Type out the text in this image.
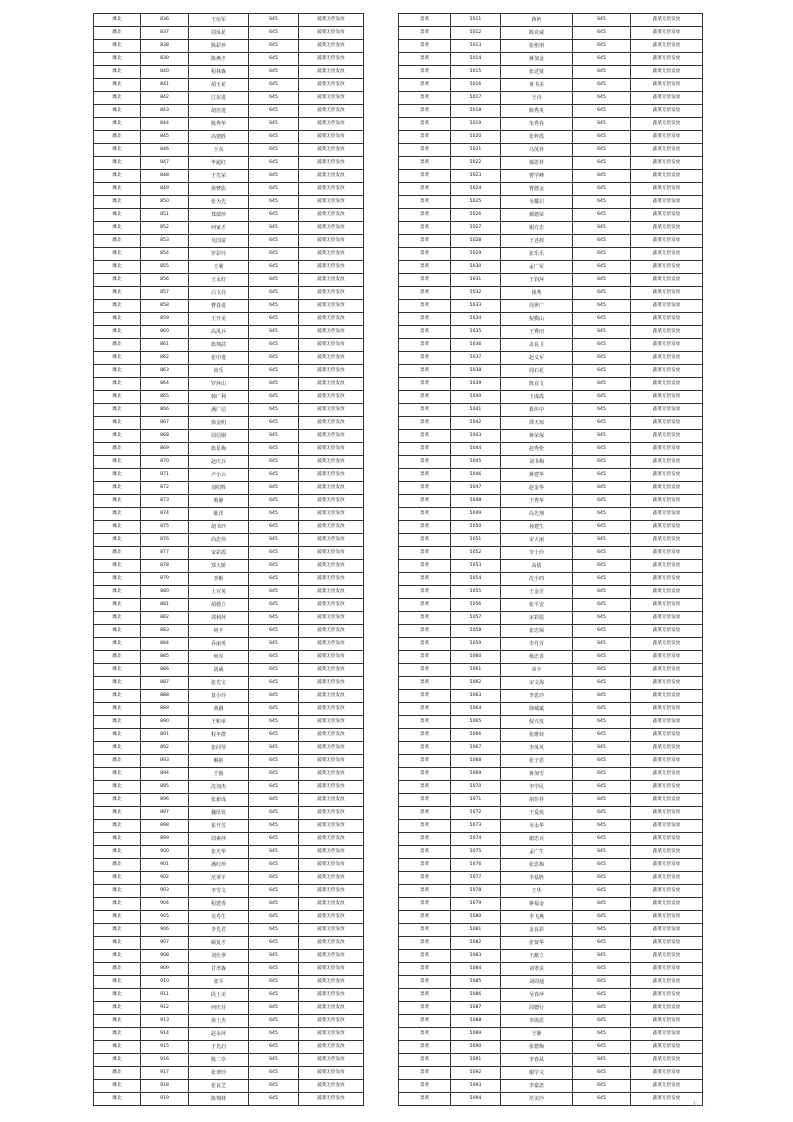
潍北	836	王衍军	645	蔬菜无偿发放
潍北	837	周凤花	645	蔬菜无偿发放
潍北	838	陈彩珍	645	蔬菜无偿发放
潍北	839	陈燕才	645	蔬菜无偿发放
潍北	840	程林森	645	蔬菜无偿发放
潍北	841	胡玉花	645	蔬菜无偿发放
潍北	842	江东进	645	蔬菜无偿发放
潍北	843	胡佳进	645	蔬菜无偿发放
潍北	844	陈秀华	645	蔬菜无偿发放
潍北	845	高建胜	645	蔬菜无偿发放
潍北	846	王东	645	蔬菜无偿发放
潍北	847	毕超红	645	蔬菜无偿发放
潍北	848	于先荣	645	蔬菜无偿发放
潍北	849	徐梦影	645	蔬菜无偿发放
潍北	850	张为先	645	蔬菜无偿发放
潍北	851	郑瑞珍	645	蔬菜无偿发放
潍北	852	何家才	645	蔬菜无偿发放
潍北	853	吴国富	645	蔬菜无偿发放
潍北	854	罗彩玲	645	蔬菜无偿发放
潍北	855	王利	645	蔬菜无偿发放
潍北	856	王永好	645	蔬菜无偿发放
潍北	857	白文亮	645	蔬菜无偿发放
潍北	858	曹春进	645	蔬菜无偿发放
潍北	859	王开美	645	蔬菜无偿发放
潍北	860	高凤兵	645	蔬菜无偿发放
潍北	861	陈翔武	645	蔬菜无偿发放
潍北	862	张中进	645	蔬菜无偿发放
潍北	863	尚乐	645	蔬菜无偿发放
潍北	864	罗萍山	645	蔬菜无偿发放
潍北	865	韩广利	645	蔬菜无偿发放
潍北	866	潘广信	645	蔬菜无偿发放
潍北	867	徐金明	645	蔬菜无偿发放
潍北	868	周信刚	645	蔬菜无偿发放
潍北	869	陈星梅	645	蔬菜无偿发放
潍北	870	赵庆兵	645	蔬菜无偿发放
潍北	871	卢小云	645	蔬菜无偿发放
潍北	872	刘绍辉	645	蔬菜无偿发放
潍北	873	蔡静	645	蔬菜无偿发放
潍北	874	陈洋	645	蔬菜无偿发放
潍北	875	胡书玲	645	蔬菜无偿发放
潍北	876	尚忠伟	645	蔬菜无偿发放
潍北	877	宋彩霞	645	蔬菜无偿发放
潍北	878	郑大娇	645	蔬菜无偿发放
潍北	879	李彬	645	蔬菜无偿发放
潍北	880	上官英	645	蔬菜无偿发放
潍北	881	胡德立	645	蔬菜无偿发放
潍北	882	郭利萍	645	蔬菜无偿发放
潍北	883	何丰	645	蔬菜无偿发放
潍北	884	乔丽英	645	蔬菜无偿发放
潍北	885	何军	645	蔬菜无偿发放
潍北	886	胡威	645	蔬菜无偿发放
潍北	887	张先宝	645	蔬菜无偿发放
潍北	888	莫小玲	645	蔬菜无偿发放
潍北	889	黄跳	645	蔬菜无偿发放
潍北	890	王帜举	645	蔬菜无偿发放
潍北	891	程冬群	645	蔬菜无偿发放
潍北	892	张同琴	645	蔬菜无偿发放
潍北	893	解艳	645	蔬菜无偿发放
潍北	894	王俊	645	蔬菜无偿发放
潍北	895	沈加杰	645	蔬菜无偿发放
潍北	896	张新成	645	蔬菜无偿发放
潍北	897	魏厚发	645	蔬菜无偿发放
潍北	898	崔开芳	645	蔬菜无偿发放
潍北	899	周素萍	645	蔬菜无偿发放
潍北	900	张光华	645	蔬菜无偿发放
潍北	901	潘红珍	645	蔬菜无偿发放
潍北	902	范翠平	645	蔬菜无偿发放
潍北	903	李雪文	645	蔬菜无偿发放
潍北	904	程建香	645	蔬菜无偿发放
潍北	905	吴寿生	645	蔬菜无偿发放
潍北	906	李先君	645	蔬菜无偿发放
潍北	907	顾复才	645	蔬菜无偿发放
潍北	908	刘仕翠	645	蔬菜无偿发放
潍北	909	甘孝森	645	蔬菜无偿发放
潍北	910	张平	645	蔬菜无偿发放
潍北	911	段士美	645	蔬菜无偿发放
潍北	912	何庆芬	645	蔬菜无偿发放
潍北	913	徐士杰	645	蔬菜无偿发放
潍北	914	赵永萍	645	蔬菜无偿发放
潍北	915	于先启	645	蔬菜无偿发放
潍北	916	陈二亭	645	蔬菜无偿发放
潍北	917	张翠玲	645	蔬菜无偿发放
潍北	918	张良芝	645	蔬菜无偿发放
潍北	919	陈翔林	645	蔬菜无偿发放
景黄	5011	蒋艳	645	蔬菜无偿发放
景黄	5012	陈克威	645	蔬菜无偿发放
景黄	5013	张伦朋	645	蔬菜无偿发放
景黄	5014	蒋加金	645	蔬菜无偿发放
景黄	5015	张述贤	645	蔬菜无偿发放
景黄	5016	黄书美	645	蔬菜无偿发放
景黄	5017	王诗	645	蔬菜无偿发放
景黄	5018	陈秀英	645	蔬菜无偿发放
景黄	5019	朱秀春	645	蔬菜无偿发放
景黄	5020	张梓霞	645	蔬菜无偿发放
景黄	5021	乌茂祥	645	蔬菜无偿发放
景黄	5022	郝思祥	645	蔬菜无偿发放
景黄	5023	曹学峰	645	蔬菜无偿发放
景黄	5024	曹德金	645	蔬菜无偿发放
景黄	5025	吴耀启	645	蔬菜无偿发放
景黄	5026	郝德荣	645	蔬菜无偿发放
景黄	5027	谢方忠	645	蔬菜无偿发放
景黄	5028	王述荷	645	蔬菜无偿发放
景黄	5029	张乐乐	645	蔬菜无偿发放
景黄	5030	孟广军	645	蔬菜无偿发放
景黄	5031	王钧萍	645	蔬菜无偿发放
景黄	5032	钱秀	645	蔬菜无偿发放
景黄	5033	周世广	645	蔬菜无偿发放
景黄	5034	倪模山	645	蔬菜无偿发放
景黄	5035	王秀田	645	蔬菜无偿发放
景黄	5036	盖良卫	645	蔬菜无偿发放
景黄	5037	赵义军	645	蔬菜无偿发放
景黄	5038	周石花	645	蔬菜无偿发放
景黄	5039	陈宜文	645	蔬菜无偿发放
景黄	5040	王成霞	645	蔬菜无偿发放
景黄	5041	葛传中	645	蔬菜无偿发放
景黄	5042	谭天琼	645	蔬菜无偿发放
景黄	5043	蒋荣保	645	蔬菜无偿发放
景黄	5044	赵秀伦	645	蔬菜无偿发放
景黄	5045	刘书梅	645	蔬菜无偿发放
景黄	5046	蒋建华	645	蔬菜无偿发放
景黄	5047	赵金华	645	蔬菜无偿发放
景黄	5048	王秀华	645	蔬菜无偿发放
景黄	5049	高先翔	645	蔬菜无偿发放
景黄	5050	孙建生	645	蔬菜无偿发放
景黄	5051	宋大丽	645	蔬菜无偿发放
景黄	5052	李士玲	645	蔬菜无偿发放
景黄	5053	高倩	645	蔬菜无偿发放
景黄	5054	沈小四	645	蔬菜无偿发放
景黄	5055	王金芳	645	蔬菜无偿发放
景黄	5056	张平安	645	蔬菜无偿发放
景黄	5057	宋彩霞	645	蔬菜无偿发放
景黄	5058	崔忠保	645	蔬菜无偿发放
景黄	5059	李丹芳	645	蔬菜无偿发放
景黄	5060	杨忠香	645	蔬菜无偿发放
景黄	5061	章丰	645	蔬菜无偿发放
景黄	5062	宋文海	645	蔬菜无偿发放
景黄	5063	李思玲	645	蔬菜无偿发放
景黄	5064	徐城斌	645	蔬菜无偿发放
景黄	5065	倪兴发	645	蔬菜无偿发放
景黄	5066	张维荷	645	蔬菜无偿发放
景黄	5067	李凤英	645	蔬菜无偿发放
景黄	5068	张子恩	645	蔬菜无偿发放
景黄	5069	蒋加雪	645	蔬菜无偿发放
景黄	5070	李学民	645	蔬菜无偿发放
景黄	5071	胡佳祥	645	蔬菜无偿发放
景黄	5072	王爱侠	645	蔬菜无偿发放
景黄	5073	吴永华	645	蔬菜无偿发放
景黄	5074	谢忠兵	645	蔬菜无偿发放
景黄	5075	孟广生	645	蔬菜无偿发放
景黄	5076	张思梅	645	蔬菜无偿发放
景黄	5077	李基胜	645	蔬菜无偿发放
景黄	5078	王华	645	蔬菜无偿发放
景黄	5079	蒋福金	645	蔬菜无偿发放
景黄	5080	李飞燕	645	蔬菜无偿发放
景黄	5081	盖良彩	645	蔬菜无偿发放
景黄	5082	张贤华	645	蔬菜无偿发放
景黄	5083	王献立	645	蔬菜无偿发放
景黄	5084	刘翠美	645	蔬菜无偿发放
景黄	5085	刘周通	645	蔬菜无偿发放
景黄	5086	吴春萍	645	蔬菜无偿发放
景黄	5087	周德行	645	蔬菜无偿发放
景黄	5088	李海思	645	蔬菜无偿发放
景黄	5089	王静	645	蔬菜无偿发放
景黄	5090	张德梅	645	蔬菜无偿发放
景黄	5091	李春从	645	蔬菜无偿发放
景黄	5092	谢学文	645	蔬菜无偿发放
景黄	5093	李嘉恩	645	蔬菜无偿发放
景黄	5094	范美玲	645	蔬菜无偿发放
大....
